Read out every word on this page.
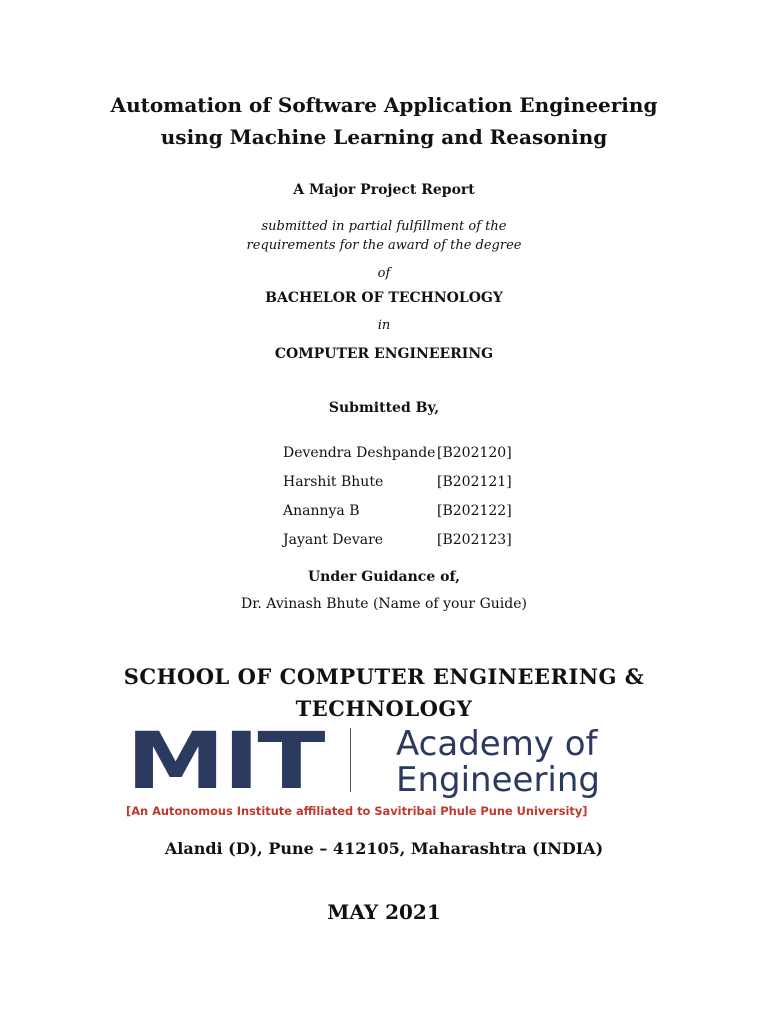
Automation of Software Application Engineering
using Machine Learning and Reasoning
A Major Project Report
submitted in partial fulfillment of the
requirements for the award of the degree
of
BACHELOR OF TECHNOLOGY
in
COMPUTER ENGINEERING
Submitted By,
Devendra Deshpande [B202120]
Harshit Bhute	[B202121]
Anannya B	[B202122]
Jayant Devare	[B202123]
Under Guidance of,
Dr. Avinash Bhute (Name of your Guide)
SCHOOL OF COMPUTER ENGINEERING &
TECHNOLOGY
MIT Academy of
Engineering
[An Autonomous Institute affiliated to Savitribai Phule Pune University]
Alandi (D), Pune – 412105, Maharashtra (INDIA)
MAY 2021
